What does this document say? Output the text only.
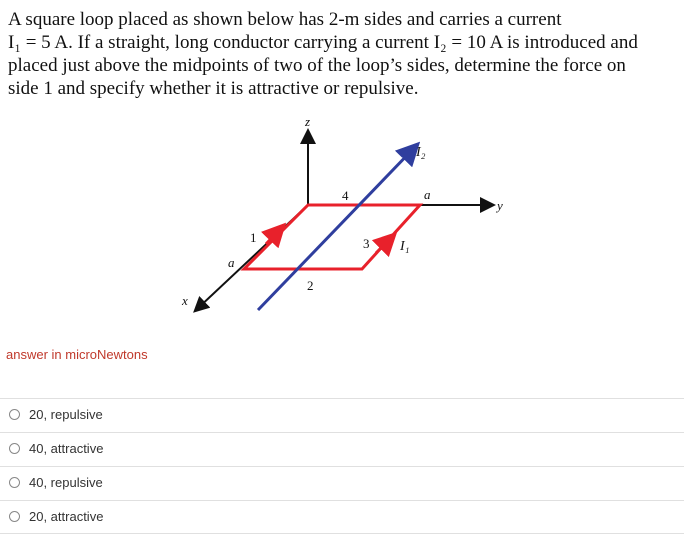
A square loop placed as shown below has 2-m sides and carries a current
I₁ = 5 A. If a straight, long conductor carrying a current I₂ = 10 A is introduced and
placed just above the midpoints of two of the loop’s sides, determine the force on
side 1 and specify whether it is attractive or repulsive.
z
x
y
I₂
I₁
a
a
1
2
3
4
answer in microNewtons
20, repulsive
40, attractive
40, repulsive
20, attractive
